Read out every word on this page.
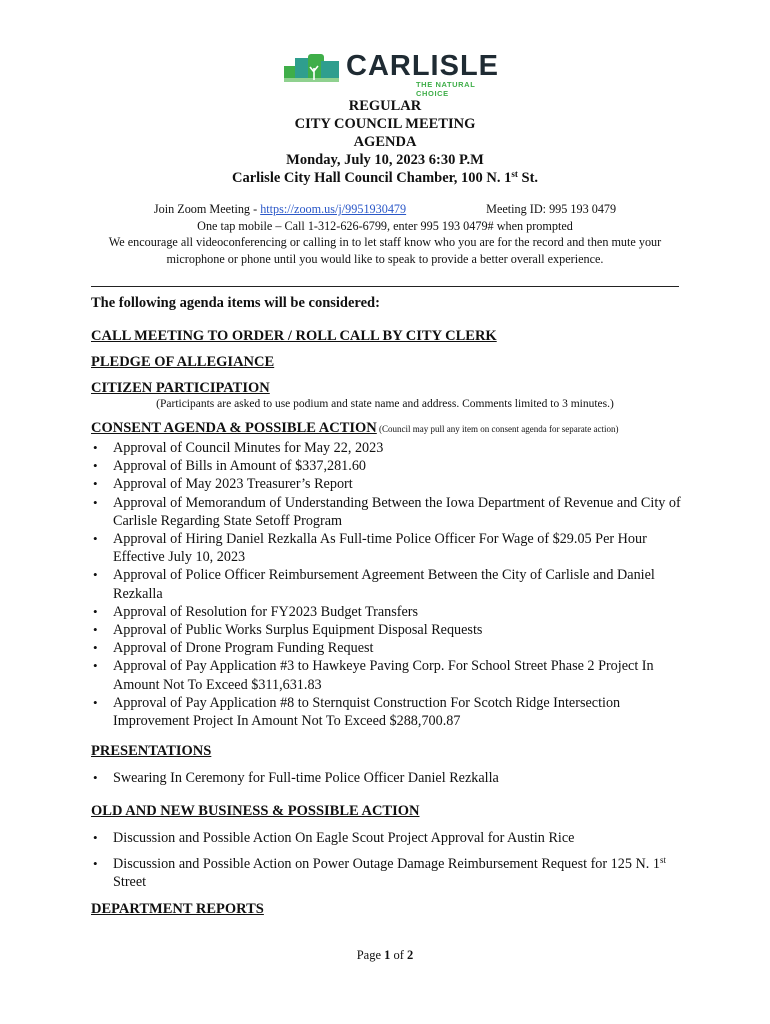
CARLISLE
THE NATURAL CHOICE
REGULAR
CITY COUNCIL MEETING
AGENDA
Monday, July 10, 2023 6:30 P.M
Carlisle City Hall Council Chamber, 100 N. 1st St.
Join Zoom Meeting - https://zoom.us/j/9951930479	Meeting ID: 995 193 0479
One tap mobile – Call 1-312-626-6799, enter 995 193 0479# when prompted
We encourage all videoconferencing or calling in to let staff know who you are for the record and then mute your
microphone or phone until you would like to speak to provide a better overall experience.
The following agenda items will be considered:
CALL MEETING TO ORDER / ROLL CALL BY CITY CLERK
PLEDGE OF ALLEGIANCE
CITIZEN PARTICIPATION
(Participants are asked to use podium and state name and address. Comments limited to 3 minutes.)
CONSENT AGENDA & POSSIBLE ACTION (Council may pull any item on consent agenda for separate action)
• Approval of Council Minutes for May 22, 2023
• Approval of Bills in Amount of $337,281.60
• Approval of May 2023 Treasurer’s Report
• Approval of Memorandum of Understanding Between the Iowa Department of Revenue and City of Carlisle Regarding State Setoff Program
• Approval of Hiring Daniel Rezkalla As Full-time Police Officer For Wage of $29.05 Per Hour Effective July 10, 2023
• Approval of Police Officer Reimbursement Agreement Between the City of Carlisle and Daniel Rezkalla
• Approval of Resolution for FY2023 Budget Transfers
• Approval of Public Works Surplus Equipment Disposal Requests
• Approval of Drone Program Funding Request
• Approval of Pay Application #3 to Hawkeye Paving Corp. For School Street Phase 2 Project In Amount Not To Exceed $311,631.83
• Approval of Pay Application #8 to Sternquist Construction For Scotch Ridge Intersection Improvement Project In Amount Not To Exceed $288,700.87
PRESENTATIONS
• Swearing In Ceremony for Full-time Police Officer Daniel Rezkalla
OLD AND NEW BUSINESS & POSSIBLE ACTION
• Discussion and Possible Action On Eagle Scout Project Approval for Austin Rice
• Discussion and Possible Action on Power Outage Damage Reimbursement Request for 125 N. 1st Street
DEPARTMENT REPORTS
Page 1 of 2
